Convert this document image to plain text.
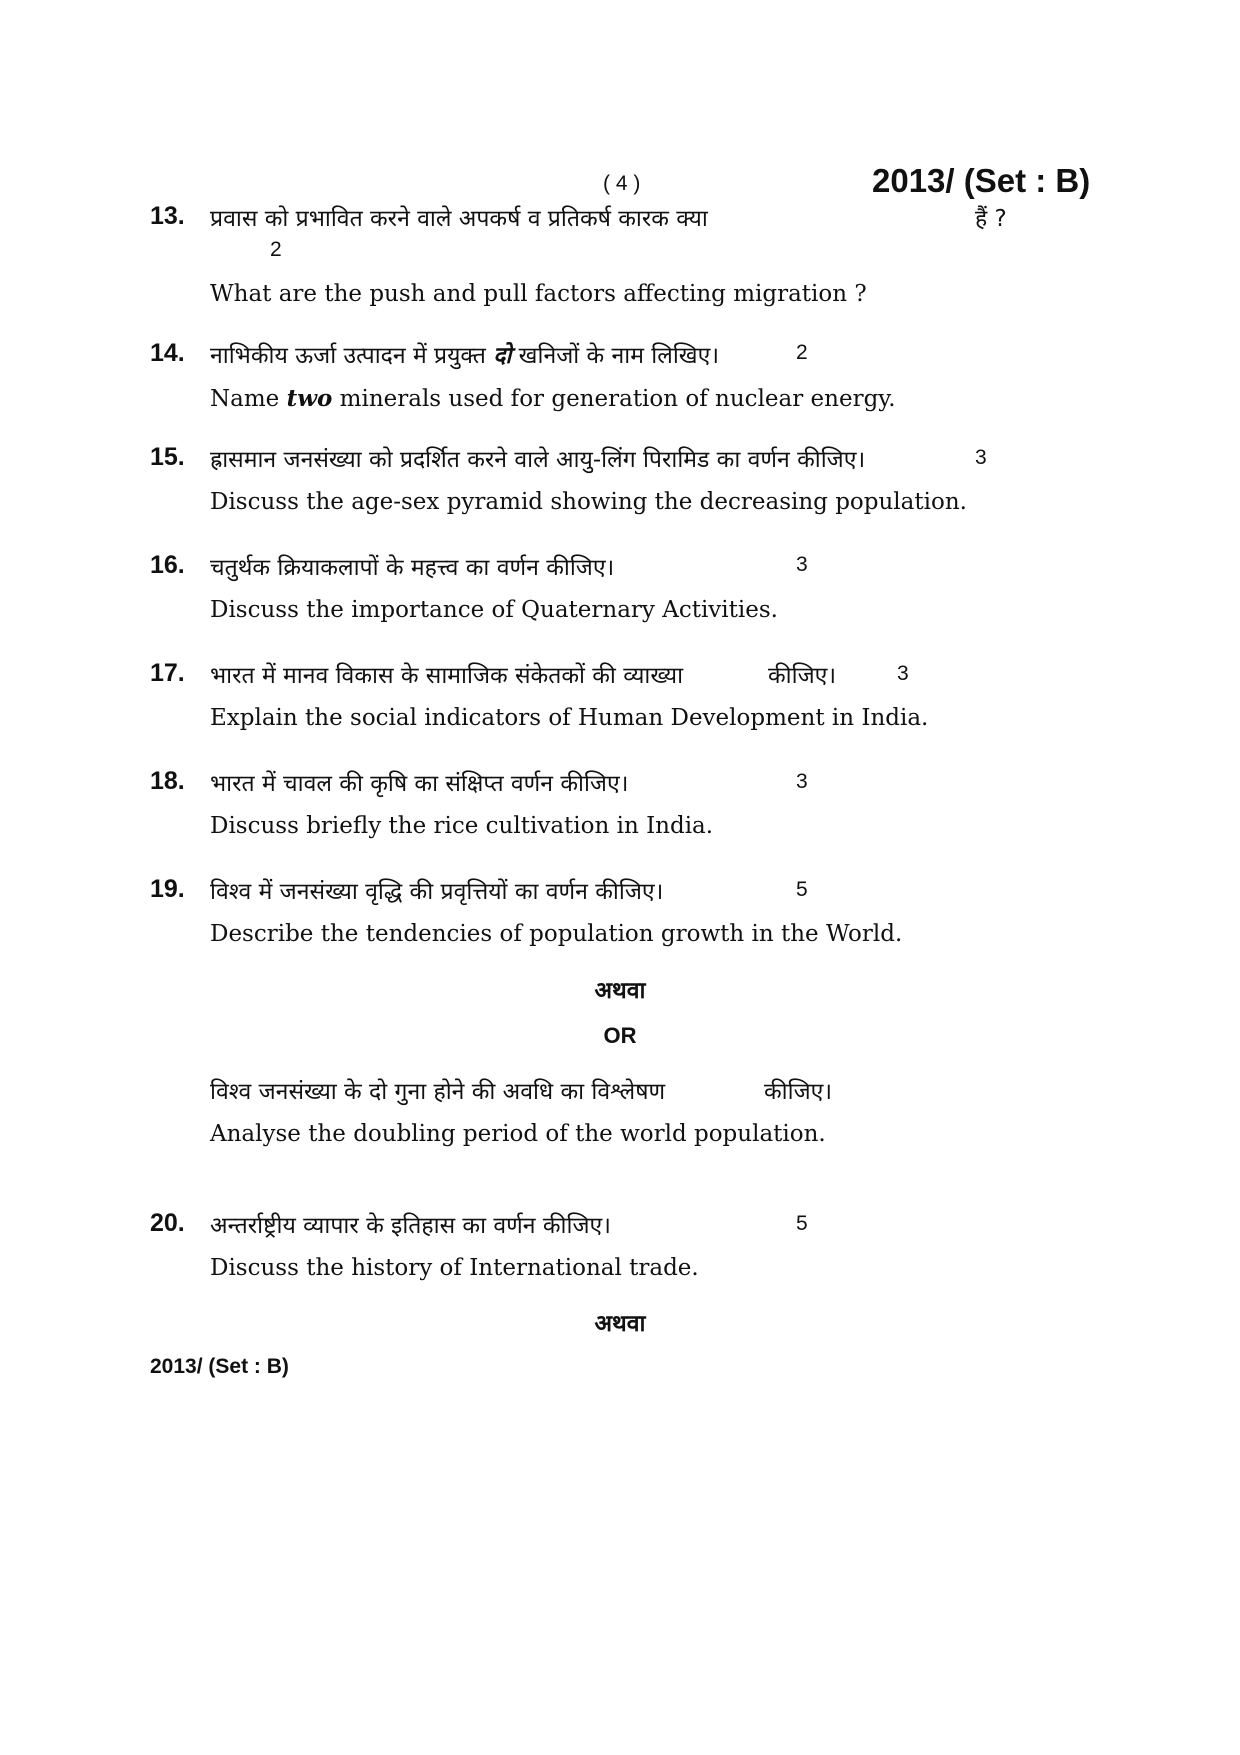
( 4 )	2013/ (Set : B)
13. प्रवास को प्रभावित करने वाले अपकर्ष व प्रतिकर्ष कारक क्या	हैं ?
2
What are the push and pull factors affecting migration ?
14. नाभिकीय ऊर्जा उत्पादन में प्रयुक्त दो खनिजों के नाम लिखिए।	2
Name two minerals used for generation of nuclear energy.
15. ह्रासमान जनसंख्या को प्रदर्शित करने वाले आयु-लिंग पिरामिड का वर्णन कीजिए।	3
Discuss the age-sex pyramid showing the decreasing population.
16. चतुर्थक क्रियाकलापों के महत्त्व का वर्णन कीजिए।	3
Discuss the importance of Quaternary Activities.
17. भारत में मानव विकास के सामाजिक संकेतकों की व्याख्या	कीजिए।	3
Explain the social indicators of Human Development in India.
18. भारत में चावल की कृषि का संक्षिप्त वर्णन कीजिए।	3
Discuss briefly the rice cultivation in India.
19. विश्व में जनसंख्या वृद्धि की प्रवृत्तियों का वर्णन कीजिए।	5
Describe the tendencies of population growth in the World.
अथवा
OR
विश्व जनसंख्या के दो गुना होने की अवधि का विश्लेषण	कीजिए।
Analyse the doubling period of the world population.
20. अन्तर्राष्ट्रीय व्यापार के इतिहास का वर्णन कीजिए।	5
Discuss the history of International trade.
अथवा
2013/ (Set : B)
